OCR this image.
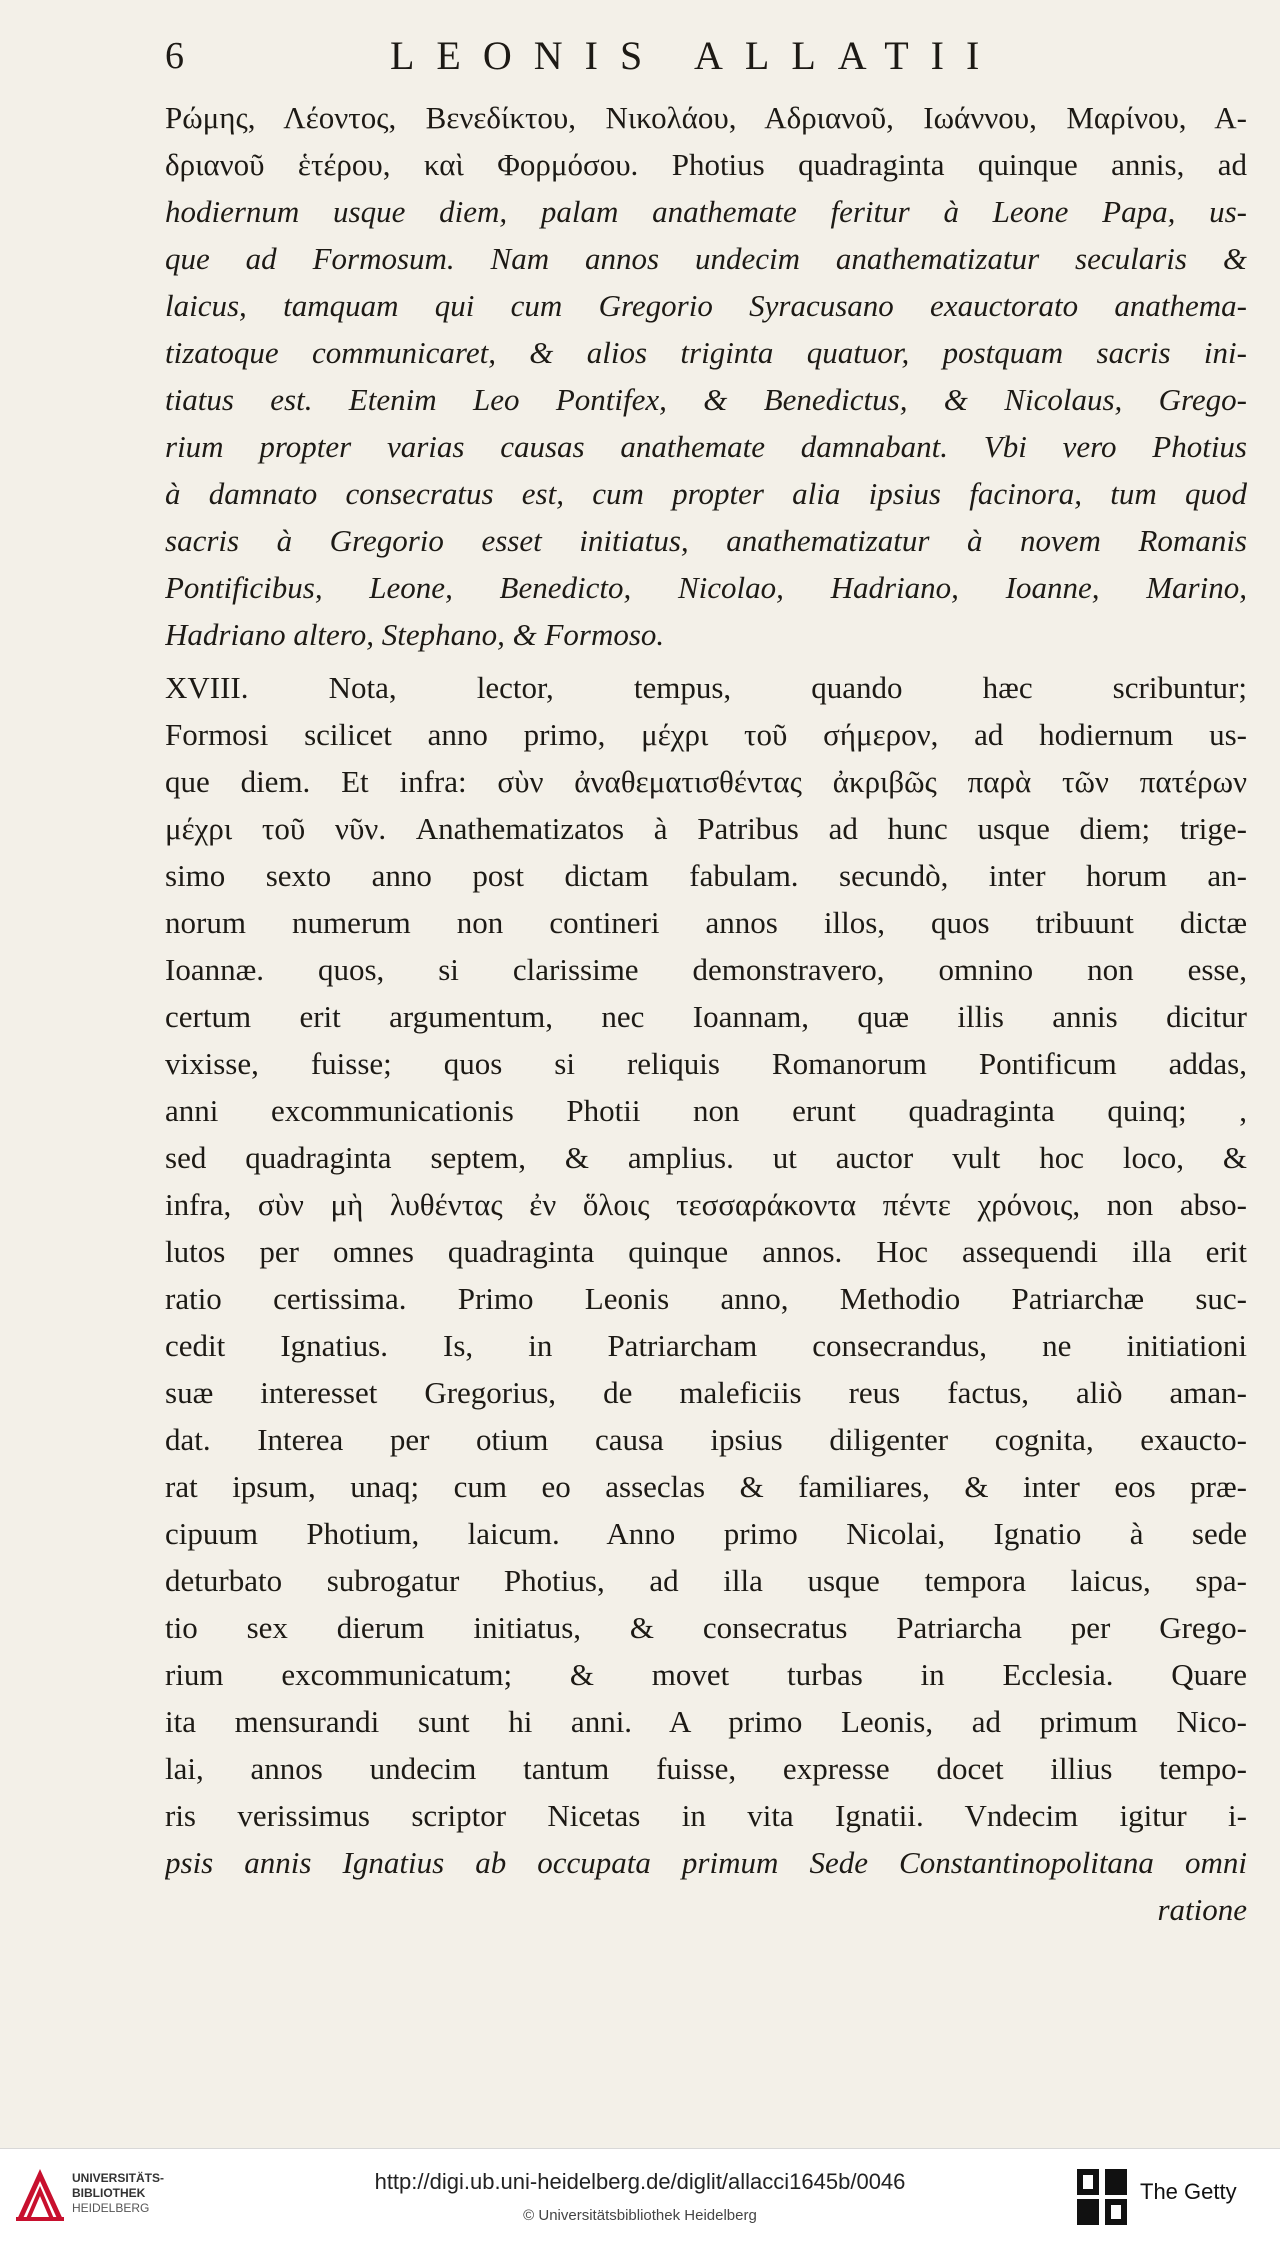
6	LEONIS ALLATII
Ρώμης, Λέοντος, Βενεδίκτου, Νικολάου, Αδριανοῦ, Ιωάννου, Μαρίνου, Α-
δριανοῦ ἑτέρου, καὶ Φορμόσου. Photius quadraginta quinque annis, ad
hodiernum usque diem, palam anathemate feritur à Leone Papa, us-
que ad Formosum. Nam annos undecim anathematizatur secularis &
laicus, tamquam qui cum Gregorio Syracusano exauctorato anathema-
tizatoque communicaret, & alios triginta quatuor, postquam sacris ini-
tiatus est. Etenim Leo Pontifex, & Benedictus, & Nicolaus, Grego-
rium propter varias causas anathemate damnabant. Vbi vero Photius
à damnato consecratus est, cum propter alia ipsius facinora, tum quod
sacris à Gregorio esset initiatus, anathematizatur à novem Romanis
Pontificibus, Leone, Benedicto, Nicolao, Hadriano, Ioanne, Marino,
Hadriano altero, Stephano, & Formoso.
XVIII. Nota, lector, tempus, quando hæc scribuntur;
Formosi scilicet anno primo, μέχρι τοῦ σήμερον, ad hodiernum us-
que diem. Et infra: σὺν ἀναθεματισθέντας ἀκριβῶς παρὰ τῶν πατέρων
μέχρι τοῦ νῦν. Anathematizatos à Patribus ad hunc usque diem; trige-
simo sexto anno post dictam fabulam. secundò, inter horum an-
norum numerum non contineri annos illos, quos tribuunt dictæ
Ioannæ. quos, si clarissime demonstravero, omnino non esse,
certum erit argumentum, nec Ioannam, quæ illis annis dicitur
vixisse, fuisse; quos si reliquis Romanorum Pontificum addas,
anni excommunicationis Photii non erunt quadraginta quinq; ,
sed quadraginta septem, & amplius. ut auctor vult hoc loco, &
infra, σὺν μὴ λυθέντας ἐν ὅλοις τεσσαράκοντα πέντε χρόνοις, non abso-
lutos per omnes quadraginta quinque annos. Hoc assequendi illa erit
ratio certissima. Primo Leonis anno, Methodio Patriarchæ suc-
cedit Ignatius. Is, in Patriarcham consecrandus, ne initiationi
suæ interesset Gregorius, de maleficiis reus factus, aliò aman-
dat. Interea per otium causa ipsius diligenter cognita, exaucto-
rat ipsum, unaq; cum eo asseclas & familiares, & inter eos præ-
cipuum Photium, laicum. Anno primo Nicolai, Ignatio à sede
deturbato subrogatur Photius, ad illa usque tempora laicus, spa-
tio sex dierum initiatus, & consecratus Patriarcha per Grego-
rium excommunicatum; & movet turbas in Ecclesia. Quare
ita mensurandi sunt hi anni. A primo Leonis, ad primum Nico-
lai, annos undecim tantum fuisse, expresse docet illius tempo-
ris verissimus scriptor Nicetas in vita Ignatii. Vndecim igitur i-
psis annis Ignatius ab occupata primum Sede Constantinopolitana omni
ratione
UNIVERSITÄTS-
BIBLIOTHEK
HEIDELBERG
http://digi.ub.uni-heidelberg.de/diglit/allacci1645b/0046
© Universitätsbibliothek Heidelberg
The Getty
